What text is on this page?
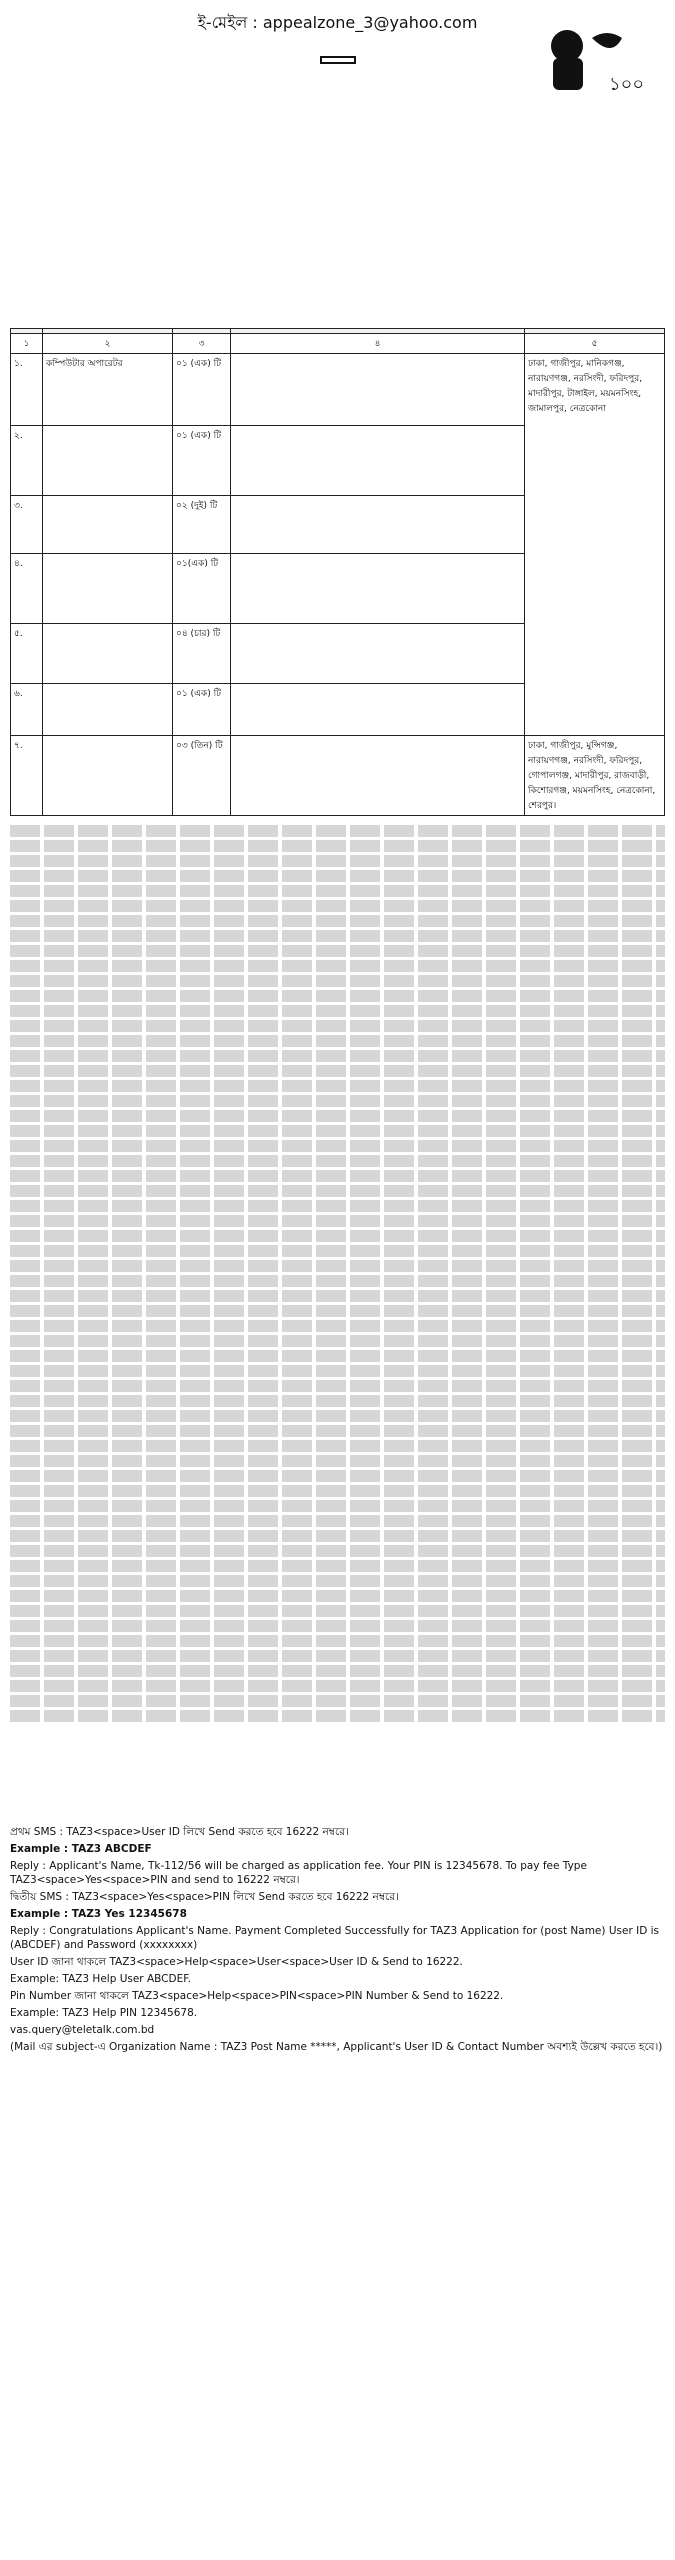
ই-মেইল : appealzone_3@yahoo.com
১০০

১	২	৩	৪	৫
১.	কম্পিউটার অপারেটর	০১ (এক) টি		ঢাকা, গাজীপুর, মানিকগঞ্জ, নারায়ণগঞ্জ, নরসিংদী, ফরিদপুর, মাদারীপুর, টাঙ্গাইল, ময়মনসিংহ, জামালপুর, নেত্রকোনা
২.		০১ (এক) টি		
৩.		০২ (দুই) টি		
৪.		০১(এক) টি		
৫.		০৪ (চার) টি		
৬.		০১ (এক) টি		
৭.		০৩ (তিন) টি		ঢাকা, গাজীপুর, মুন্সিগঞ্জ, নারায়ণগঞ্জ, নরসিংদী, ফরিদপুর, গোপালগঞ্জ, মাদারীপুর, রাজবাড়ী, কিশোরগঞ্জ, ময়মনসিংহ, নেত্রকোনা, শেরপুর।

প্রথম SMS : TAZ3<space>User ID লিখে Send করতে হবে 16222 নম্বরে।

Example : TAZ3 ABCDEF

Reply : Applicant's Name, Tk-112/56 will be charged as application fee. Your PIN is 12345678. To pay fee Type TAZ3<space>Yes<space>PIN and send to 16222 নম্বরে।

দ্বিতীয় SMS : TAZ3<space>Yes<space>PIN লিখে Send করতে হবে 16222 নম্বরে।

Example : TAZ3 Yes 12345678

Reply : Congratulations Applicant's Name. Payment Completed Successfully for TAZ3 Application for (post Name) User ID is (ABCDEF) and Password (xxxxxxxx)

User ID জানা থাকলে TAZ3<space>Help<space>User<space>User ID & Send to 16222.

Example: TAZ3 Help User ABCDEF.

Pin Number জানা থাকলে TAZ3<space>Help<space>PIN<space>PIN Number & Send to 16222.

Example: TAZ3 Help PIN 12345678.

vas.query@teletalk.com.bd

(Mail এর subject-এ Organization Name : TAZ3 Post Name *****, Applicant's User ID & Contact Number অবশ্যই উল্লেখ করতে হবে।)
